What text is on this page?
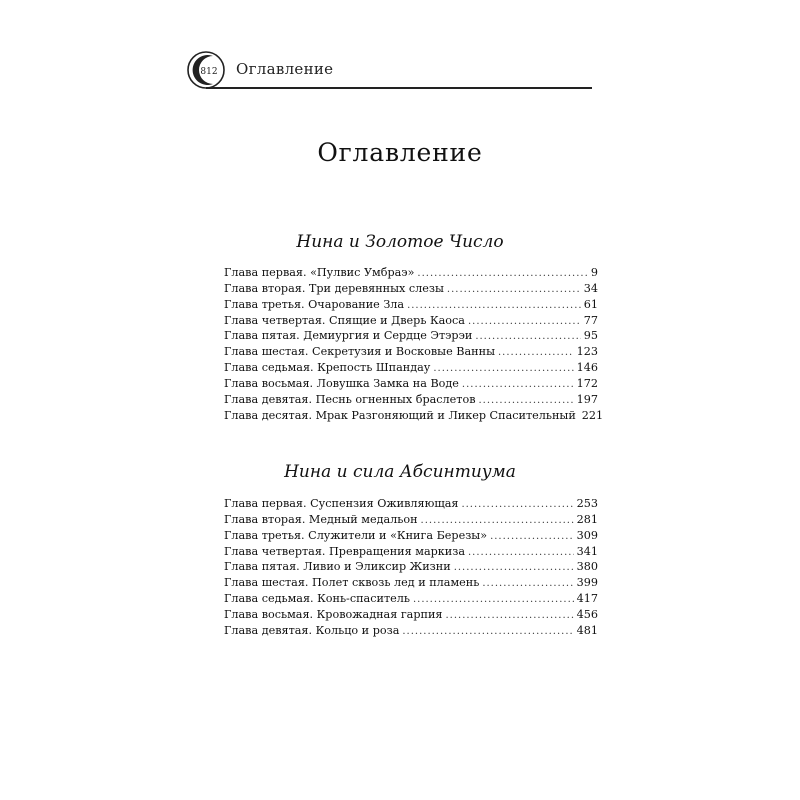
812 Оглавление
Оглавление
Нина и Золотое Число
Глава первая. «Пулвис Умбраэ» .....	9
Глава вторая. Три деревянных слезы .....	34
Глава третья. Очарование Зла .....	61
Глава четвертая. Спящие и Дверь Каоса .....	77
Глава пятая. Демиургия и Сердце Этэрэи .....	95
Глава шестая. Секретузия и Восковые Ванны .....	123
Глава седьмая. Крепость Шпандау .....	146
Глава восьмая. Ловушка Замка на Воде .....	172
Глава девятая. Песнь огненных браслетов .....	197
Глава десятая. Мрак Разгоняющий и Ликер Спасительный 221
Нина и сила Абсинтиума
Глава первая. Суспензия Оживляющая .....	253
Глава вторая. Медный медальон .....	281
Глава третья. Служители и «Книга Березы» .....	309
Глава четвертая. Превращения маркиза .....	341
Глава пятая. Ливио и Эликсир Жизни .....	380
Глава шестая. Полет сквозь лед и пламень .....	399
Глава седьмая. Конь-спаситель .....	417
Глава восьмая. Кровожадная гарпия .....	456
Глава девятая. Кольцо и роза .....	481
